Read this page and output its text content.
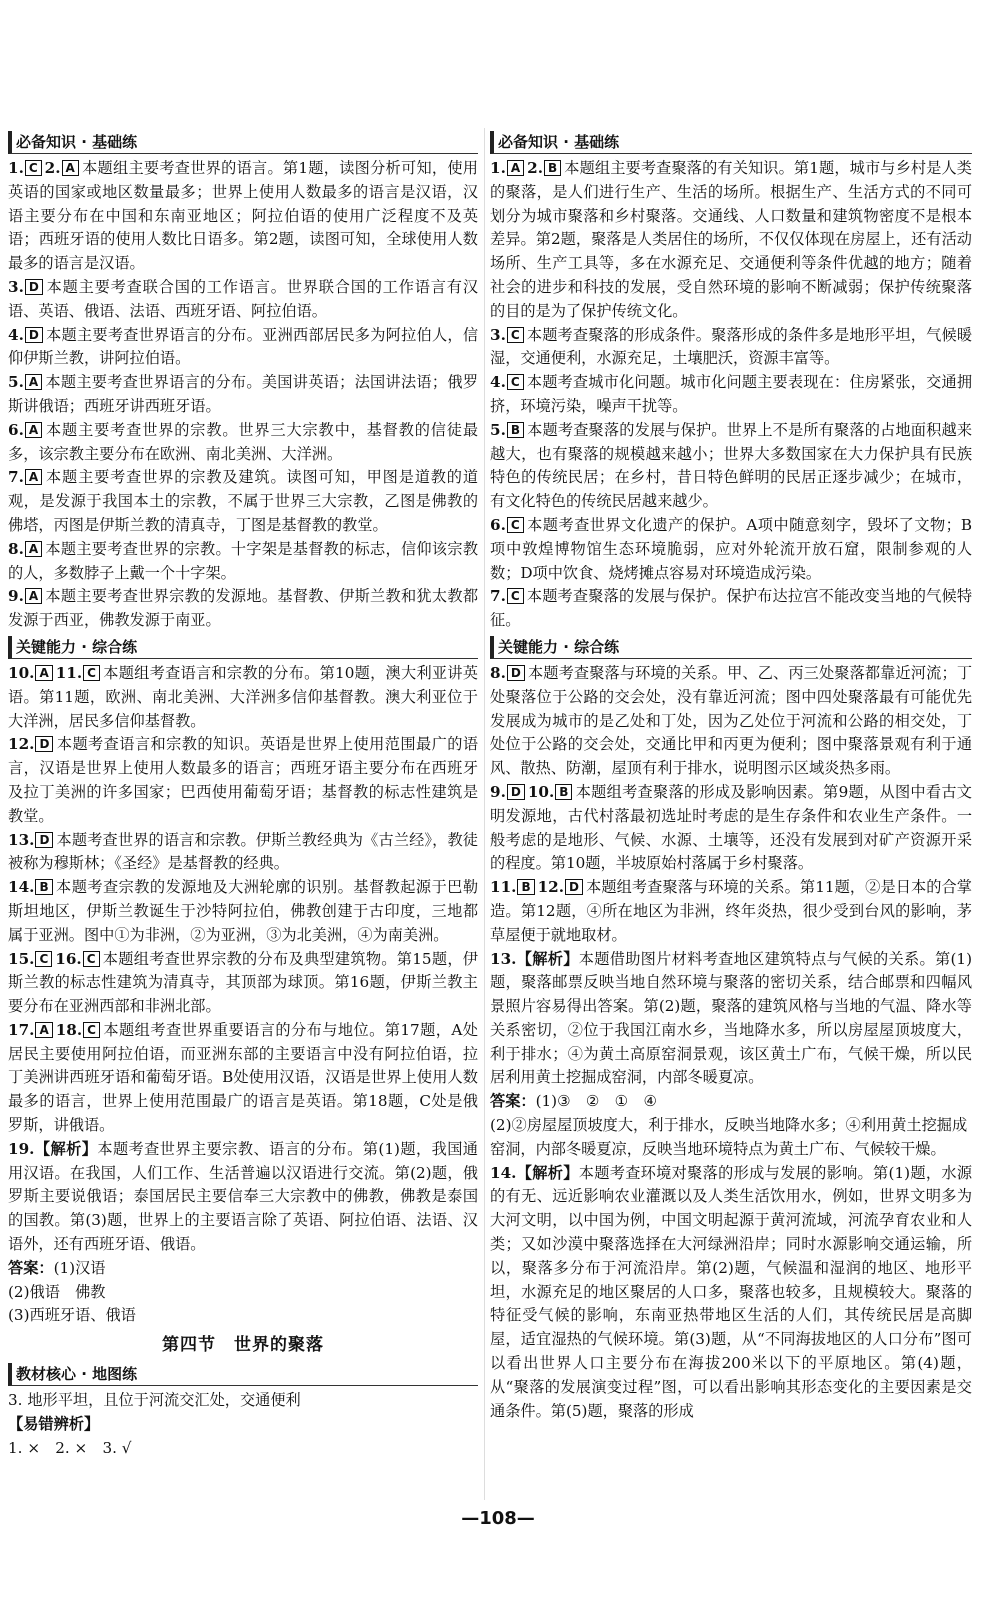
必备知识 · 基础练

1. C 2. A 本题组主要考查世界的语言。第1题，读图分析可知，使用英语的国家或地区数量最多；世界上使用人数最多的语言是汉语，汉语主要分布在中国和东南亚地区；阿拉伯语的使用广泛程度不及英语；西班牙语的使用人数比日语多。第2题，读图可知，全球使用人数最多的语言是汉语。

3. D 本题主要考查联合国的工作语言。世界联合国的工作语言有汉语、英语、俄语、法语、西班牙语、阿拉伯语。

4. D 本题主要考查世界语言的分布。亚洲西部居民多为阿拉伯人，信仰伊斯兰教，讲阿拉伯语。

5. A 本题主要考查世界语言的分布。美国讲英语；法国讲法语；俄罗斯讲俄语；西班牙讲西班牙语。

6. A 本题主要考查世界的宗教。世界三大宗教中，基督教的信徒最多，该宗教主要分布在欧洲、南北美洲、大洋洲。

7. A 本题主要考查世界的宗教及建筑。读图可知，甲图是道教的道观，是发源于我国本土的宗教，不属于世界三大宗教，乙图是佛教的佛塔，丙图是伊斯兰教的清真寺，丁图是基督教的教堂。

8. A 本题主要考查世界的宗教。十字架是基督教的标志，信仰该宗教的人，多数脖子上戴一个十字架。

9. A 本题主要考查世界宗教的发源地。基督教、伊斯兰教和犹太教都发源于西亚，佛教发源于南亚。

关键能力 · 综合练

10. A 11. C 本题组考查语言和宗教的分布。第10题，澳大利亚讲英语。第11题，欧洲、南北美洲、大洋洲多信仰基督教。澳大利亚位于大洋洲，居民多信仰基督教。

12. D 本题考查语言和宗教的知识。英语是世界上使用范围最广的语言，汉语是世界上使用人数最多的语言；西班牙语主要分布在西班牙及拉丁美洲的许多国家；巴西使用葡萄牙语；基督教的标志性建筑是教堂。

13. D 本题考查世界的语言和宗教。伊斯兰教经典为《古兰经》，教徒被称为穆斯林；《圣经》是基督教的经典。

14. B 本题考查宗教的发源地及大洲轮廓的识别。基督教起源于巴勒斯坦地区，伊斯兰教诞生于沙特阿拉伯，佛教创建于古印度，三地都属于亚洲。图中①为非洲，②为亚洲，③为北美洲，④为南美洲。

15. C 16. C 本题组考查世界宗教的分布及典型建筑物。第15题，伊斯兰教的标志性建筑为清真寺，其顶部为球顶。第16题，伊斯兰教主要分布在亚洲西部和非洲北部。

17. A 18. C 本题组考查世界重要语言的分布与地位。第17题，A处居民主要使用阿拉伯语，而亚洲东部的主要语言中没有阿拉伯语，拉丁美洲讲西班牙语和葡萄牙语。B处使用汉语，汉语是世界上使用人数最多的语言，世界上使用范围最广的语言是英语。第18题，C处是俄罗斯，讲俄语。

19.【解析】本题考查世界主要宗教、语言的分布。第(1)题，我国通用汉语。在我国，人们工作、生活普遍以汉语进行交流。第(2)题，俄罗斯主要说俄语；泰国居民主要信奉三大宗教中的佛教，佛教是泰国的国教。第(3)题，世界上的主要语言除了英语、阿拉伯语、法语、汉语外，还有西班牙语、俄语。

答案：(1)汉语

(2)俄语　佛教

(3)西班牙语、俄语

第四节　世界的聚落
教材核心 · 地图练

3. 地形平坦，且位于河流交汇处，交通便利

【易错辨析】

1. ×　2. ×　3. √

必备知识 · 基础练

1. A 2. B 本题组主要考查聚落的有关知识。第1题，城市与乡村是人类的聚落，是人们进行生产、生活的场所。根据生产、生活方式的不同可划分为城市聚落和乡村聚落。交通线、人口数量和建筑物密度不是根本差异。第2题，聚落是人类居住的场所，不仅仅体现在房屋上，还有活动场所、生产工具等，多在水源充足、交通便利等条件优越的地方；随着社会的进步和科技的发展，受自然环境的影响不断减弱；保护传统聚落的目的是为了保护传统文化。

3. C 本题考查聚落的形成条件。聚落形成的条件多是地形平坦，气候暖湿，交通便利，水源充足，土壤肥沃，资源丰富等。

4. C 本题考查城市化问题。城市化问题主要表现在：住房紧张，交通拥挤，环境污染，噪声干扰等。

5. B 本题考查聚落的发展与保护。世界上不是所有聚落的占地面积越来越大，也有聚落的规模越来越小；世界大多数国家在大力保护具有民族特色的传统民居；在乡村，昔日特色鲜明的民居正逐步减少；在城市，有文化特色的传统民居越来越少。

6. C 本题考查世界文化遗产的保护。A项中随意刻字，毁坏了文物；B项中敦煌博物馆生态环境脆弱，应对外轮流开放石窟，限制参观的人数；D项中饮食、烧烤摊点容易对环境造成污染。

7. C 本题考查聚落的发展与保护。保护布达拉宫不能改变当地的气候特征。

关键能力 · 综合练

8. D 本题考查聚落与环境的关系。甲、乙、丙三处聚落都靠近河流；丁处聚落位于公路的交会处，没有靠近河流；图中四处聚落最有可能优先发展成为城市的是乙处和丁处，因为乙处位于河流和公路的相交处，丁处位于公路的交会处，交通比甲和丙更为便利；图中聚落景观有利于通风、散热、防潮，屋顶有利于排水，说明图示区域炎热多雨。

9. D 10. B 本题组考查聚落的形成及影响因素。第9题，从图中看古文明发源地，古代村落最初选址时考虑的是生存条件和农业生产条件。一般考虑的是地形、气候、水源、土壤等，还没有发展到对矿产资源开采的程度。第10题，半坡原始村落属于乡村聚落。

11. B 12. D 本题组考查聚落与环境的关系。第11题，②是日本的合掌造。第12题，④所在地区为非洲，终年炎热，很少受到台风的影响，茅草屋便于就地取材。

13.【解析】本题借助图片材料考查地区建筑特点与气候的关系。第(1)题，聚落邮票反映当地自然环境与聚落的密切关系，结合邮票和四幅风景照片容易得出答案。第(2)题，聚落的建筑风格与当地的气温、降水等关系密切，②位于我国江南水乡，当地降水多，所以房屋屋顶坡度大，利于排水；④为黄土高原窑洞景观，该区黄土广布，气候干燥，所以民居利用黄土挖掘成窑洞，内部冬暖夏凉。

答案：(1)③　②　①　④

(2)②房屋屋顶坡度大，利于排水，反映当地降水多；④利用黄土挖掘成窑洞，内部冬暖夏凉，反映当地环境特点为黄土广布、气候较干燥。

14.【解析】本题考查环境对聚落的形成与发展的影响。第(1)题，水源的有无、远近影响农业灌溉以及人类生活饮用水，例如，世界文明多为大河文明，以中国为例，中国文明起源于黄河流域，河流孕育农业和人类；又如沙漠中聚落选择在大河绿洲沿岸；同时水源影响交通运输，所以，聚落多分布于河流沿岸。第(2)题，气候温和湿润的地区、地形平坦，水源充足的地区聚居的人口多，聚落也较多，且规模较大。聚落的特征受气候的影响，东南亚热带地区生活的人们，其传统民居是高脚屋，适宜湿热的气候环境。第(3)题，从“不同海拔地区的人口分布”图可以看出世界人口主要分布在海拔200米以下的平原地区。第(4)题，从“聚落的发展演变过程”图，可以看出影响其形态变化的主要因素是交通条件。第(5)题，聚落的形成

—108—
